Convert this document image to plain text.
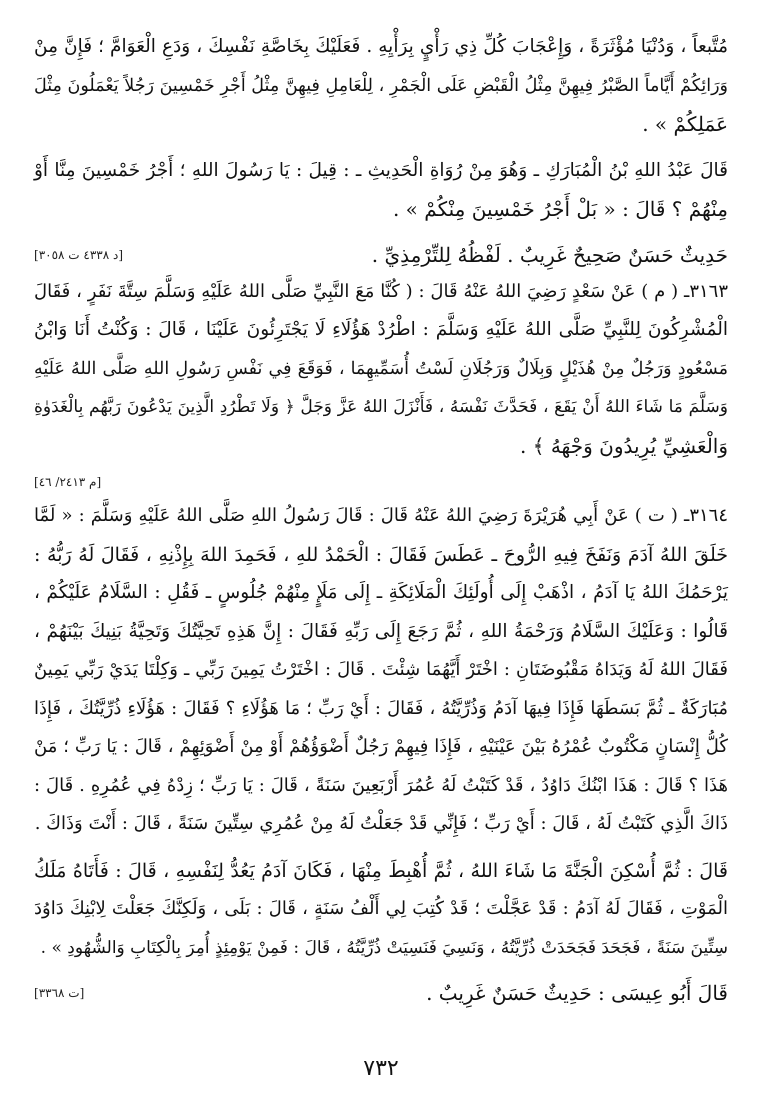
مُتَّبعاً ، وَدُنْيَا مُؤْثَرَةً ، وَإِعْجَابَ كُلِّ ذِي رَأْيٍ بِرَأْيِهِ . فَعَلَيْكَ بِخَاصَّةِ نَفْسِكَ ، وَدَعِ الْعَوَامَّ ؛ فَإِنَّ مِنْ
وَرَائِكُمْ أَيَّاماً الصَّبْرُ فِيهِنَّ مِثْلُ الْقَبْضِ عَلَى الْجَمْرِ ، لِلْعَامِلِ فِيهِنَّ مِثْلُ أَجْرِ خَمْسِينَ رَجُلاً يَعْمَلُونَ مِثْلَ
عَمَلِكُمْ » .
قَالَ عَبْدُ اللهِ بْنُ الْمُبَارَكِ ـ وَهُوَ مِنْ رُوَاةِ الْحَدِيثِ ـ : قِيلَ : يَا رَسُولَ اللهِ ؛ أَجْرُ خَمْسِينَ مِنَّا أَوْ
مِنْهُمْ ؟ قَالَ : « بَلْ أَجْرُ خَمْسِينَ مِنْكُمْ » .
حَدِيثٌ حَسَنٌ صَحِيحٌ غَرِيبٌ . لَفْظُهُ لِلتِّرْمِذِيِّ .
[د ٤٣٣٨ ت ٣٠٥٨]
٣١٦٣ـ ( م ) عَنْ سَعْدٍ رَضِيَ اللهُ عَنْهُ قَالَ : ( كُنَّا مَعَ النَّبِيِّ صَلَّى اللهُ عَلَيْهِ وَسَلَّمَ سِتَّةَ نَفَرٍ ، فَقَالَ
الْمُشْرِكُونَ لِلنَّبِيِّ صَلَّى اللهُ عَلَيْهِ وَسَلَّمَ : اطْرُدْ هَؤُلَاءِ لَا يَجْتَرِئُونَ عَلَيْنَا ، قَالَ : وَكُنْتُ أَنَا وَابْنُ
مَسْعُودٍ وَرَجُلٌ مِنْ هُذَيْلٍ وَبِلَالٌ وَرَجُلَانِ لَسْتُ أُسَمِّيهِمَا ، فَوَقَعَ فِي نَفْسِ رَسُولِ اللهِ صَلَّى اللهُ عَلَيْهِ
وَسَلَّمَ مَا شَاءَ اللهُ أَنْ يَقَعَ ، فَحَدَّثَ نَفْسَهُ ، فَأَنْزَلَ اللهُ عَزَّ وَجَلَّ ﴿ وَلَا تَطْرُدِ الَّذِينَ يَدْعُونَ رَبَّهُم بِالْغَدَوٰةِ
وَالْعَشِيِّ يُرِيدُونَ وَجْهَهُ ﴾ .
[م ٢٤١٣/ ٤٦]
٣١٦٤ـ ( ت ) عَنْ أَبِي هُرَيْرَةَ رَضِيَ اللهُ عَنْهُ قَالَ : قَالَ رَسُولُ اللهِ صَلَّى اللهُ عَلَيْهِ وَسَلَّمَ : « لَمَّا
خَلَقَ اللهُ آدَمَ وَنَفَخَ فِيهِ الرُّوحَ ـ عَطَسَ فَقَالَ : الْحَمْدُ للهِ ، فَحَمِدَ اللهَ بِإِذْنِهِ ، فَقَالَ لَهُ رَبُّهُ :
يَرْحَمُكَ اللهُ يَا آدَمُ ، اذْهَبْ إِلَى أُولَئِكَ الْمَلَائِكَةِ ـ إِلَى مَلَإٍ مِنْهُمْ جُلُوسٍ ـ فَقُلِ : السَّلَامُ عَلَيْكُمْ ،
قَالُوا : وَعَلَيْكَ السَّلَامُ وَرَحْمَةُ اللهِ ، ثُمَّ رَجَعَ إِلَى رَبِّهِ فَقَالَ : إِنَّ هَذِهِ تَحِيَّتُكَ وَتَحِيَّةُ بَنِيكَ بَيْنَهُمْ ،
فَقَالَ اللهُ لَهُ وَيَدَاهُ مَقْبُوضَتَانِ : اخْتَرْ أَيَّهُمَا شِئْتَ . قَالَ : اخْتَرْتُ يَمِينَ رَبِّي ـ وَكِلْتَا يَدَيْ رَبِّي يَمِينٌ
مُبَارَكَةٌ ـ ثُمَّ بَسَطَهَا فَإِذَا فِيهَا آدَمُ وَذُرِّيَّتُهُ ، فَقَالَ : أَيْ رَبِّ ؛ مَا هَؤُلَاءِ ؟ فَقَالَ : هَؤُلَاءِ ذُرِّيَّتُكَ ، فَإِذَا
كُلُّ إِنْسَانٍ مَكْتُوبٌ عُمْرُهُ بَيْنَ عَيْنَيْهِ ، فَإِذَا فِيهِمْ رَجُلٌ أَضْوَؤُهُمْ أَوْ مِنْ أَضْوَئِهِمْ ، قَالَ : يَا رَبِّ ؛ مَنْ
هَذَا ؟ قَالَ : هَذَا ابْنُكَ دَاوُدُ ، قَدْ كَتَبْتُ لَهُ عُمُرَ أَرْبَعِينَ سَنَةً ، قَالَ : يَا رَبِّ ؛ زِدْهُ فِي عُمُرِهِ . قَالَ :
ذَاكَ الَّذِي كَتَبْتُ لَهُ ، قَالَ : أَيْ رَبِّ ؛ فَإِنِّي قَدْ جَعَلْتُ لَهُ مِنْ عُمُرِي سِتِّينَ سَنَةً ، قَالَ : أَنْتَ وَذَاكَ .
قَالَ : ثُمَّ أُسْكِنَ الْجَنَّةَ مَا شَاءَ اللهُ ، ثُمَّ أُهْبِطَ مِنْهَا ، فَكَانَ آدَمُ يَعُدُّ لِنَفْسِهِ ، قَالَ : فَأَتَاهُ مَلَكُ
الْمَوْتِ ، فَقَالَ لَهُ آدَمُ : قَدْ عَجَّلْتَ ؛ قَدْ كُتِبَ لِي أَلْفُ سَنَةٍ ، قَالَ : بَلَى ، وَلَكِنَّكَ جَعَلْتَ لِابْنِكَ دَاوُدَ
سِتِّينَ سَنَةً ، فَجَحَدَ فَجَحَدَتْ ذُرِّيَّتُهُ ، وَنَسِيَ فَنَسِيَتْ ذُرِّيَّتُهُ ، قَالَ : فَمِنْ يَوْمِئِذٍ أُمِرَ بِالْكِتَابِ وَالشُّهُودِ » .
قَالَ أَبُو عِيسَى : حَدِيثٌ حَسَنٌ غَرِيبٌ .
[ت ٣٣٦٨]
٧٣٢
